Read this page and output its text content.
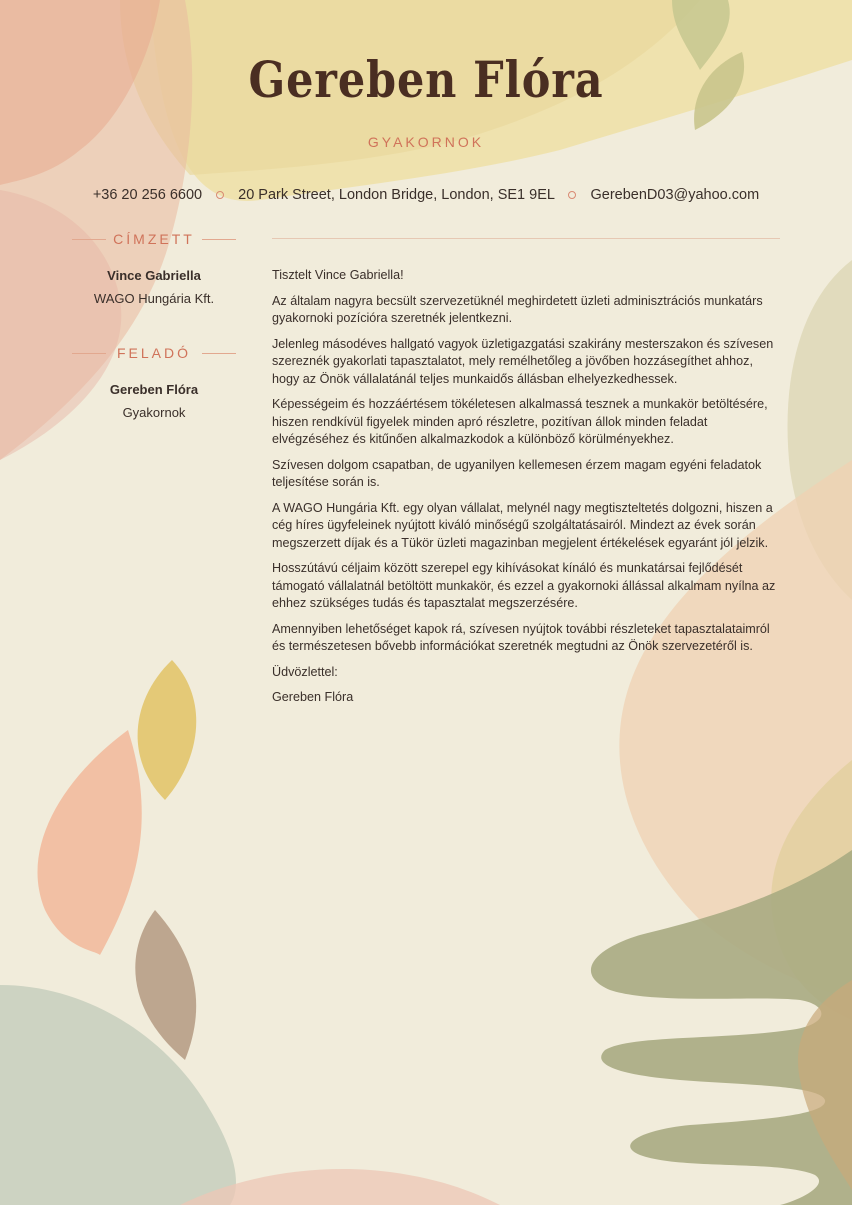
Gereben Flóra
GYAKORNOK
+36 20 256 6600 20 Park Street, London Bridge, London, SE1 9EL GerebenD03@yahoo.com
CÍMZETT
Vince Gabriella
WAGO Hungária Kft.
FELADÓ
Gereben Flóra
Gyakornok

Tisztelt Vince Gabriella!

Az általam nagyra becsült szervezetüknél meghirdetett üzleti adminisztrációs munkatárs gyakornoki pozícióra szeretnék jelentkezni.

Jelenleg másodéves hallgató vagyok üzletigazgatási szakirány mesterszakon és szívesen szereznék gyakorlati tapasztalatot, mely remélhetőleg a jövőben hozzásegíthet ahhoz, hogy az Önök vállalatánál teljes munkaidős állásban elhelyezkedhessek.

Képességeim és hozzáértésem tökéletesen alkalmassá tesznek a munkakör betöltésére, hiszen rendkívül figyelek minden apró részletre, pozitívan állok minden feladat elvégzéséhez és kitűnően alkalmazkodok a különböző körülményekhez.

Szívesen dolgom csapatban, de ugyanilyen kellemesen érzem magam egyéni feladatok teljesítése során is.

A WAGO Hungária Kft. egy olyan vállalat, melynél nagy megtiszteltetés dolgozni, hiszen a cég híres ügyfeleinek nyújtott kiváló minőségű szolgáltatásairól. Mindezt az évek során megszerzett díjak és a Tükör üzleti magazinban megjelent értékelések egyaránt jól jelzik.

Hosszútávú céljaim között szerepel egy kihívásokat kínáló és munkatársai fejlődését támogató vállalatnál betöltött munkakör, és ezzel a gyakornoki állással alkalmam nyílna az ehhez szükséges tudás és tapasztalat megszerzésére.

Amennyiben lehetőséget kapok rá, szívesen nyújtok további részleteket tapasztalataimról és természetesen bővebb információkat szeretnék megtudni az Önök szervezetéről is.

Üdvözlettel:

Gereben Flóra
